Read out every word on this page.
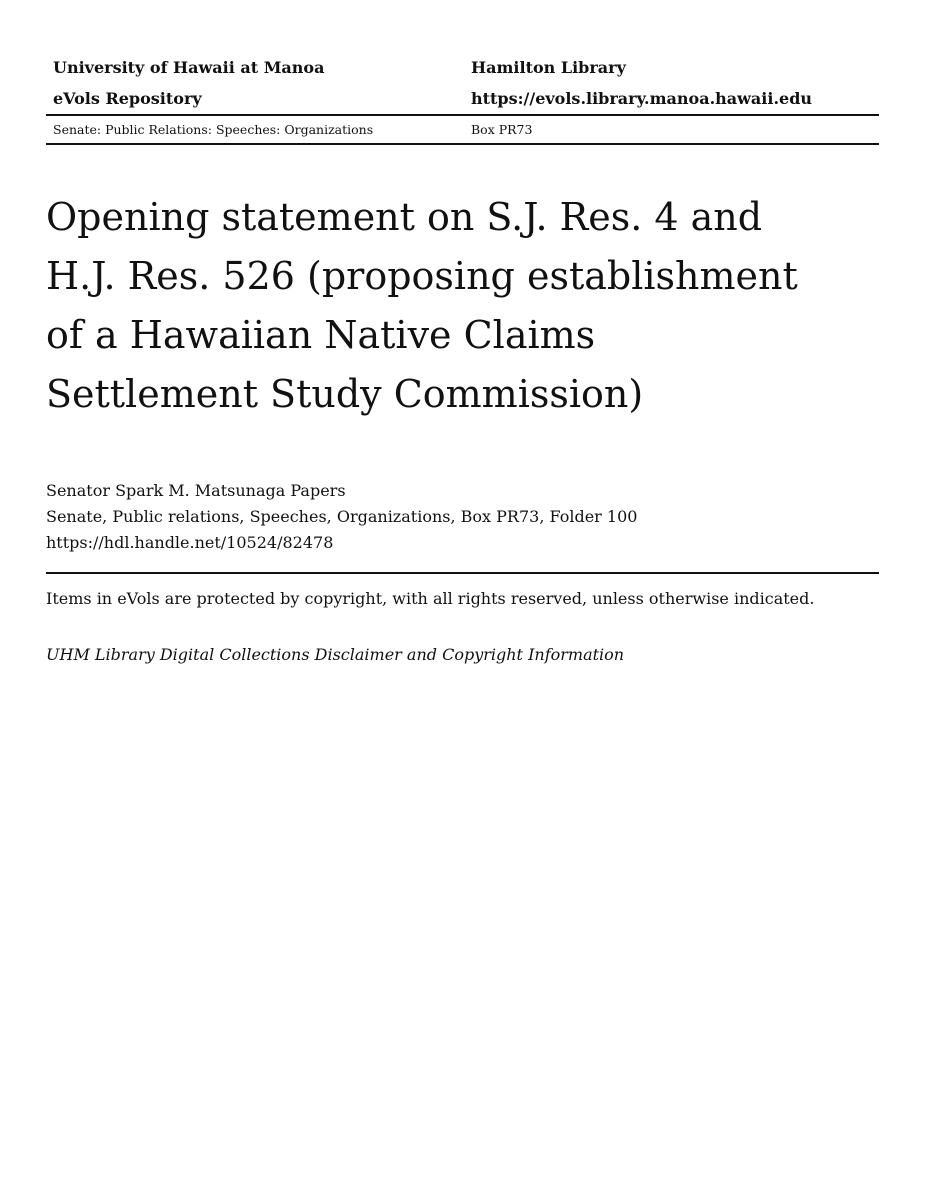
University of Hawaii at Manoa	Hamilton Library
eVols Repository	https://evols.library.manoa.hawaii.edu
Senate: Public Relations: Speeches: Organizations	Box PR73
Opening statement on S.J. Res. 4 and H.J. Res. 526 (proposing establishment of a Hawaiian Native Claims Settlement Study Commission)
Senator Spark M. Matsunaga Papers
Senate, Public relations, Speeches, Organizations, Box PR73, Folder 100
https://hdl.handle.net/10524/82478
Items in eVols are protected by copyright, with all rights reserved, unless otherwise indicated.
UHM Library Digital Collections Disclaimer and Copyright Information
